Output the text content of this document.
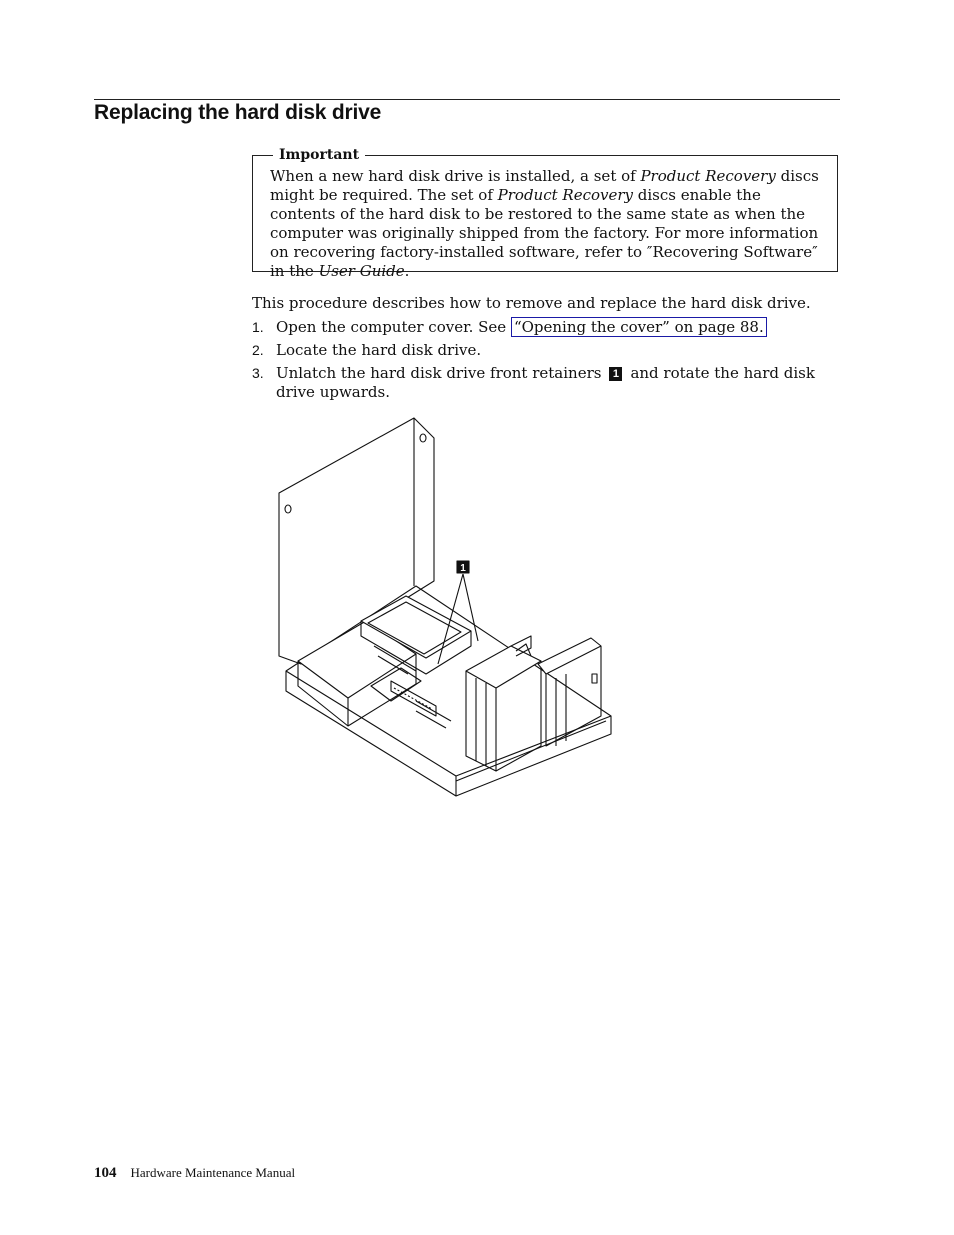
Replacing the hard disk drive
Important
When a new hard disk drive is installed, a set of Product Recovery discs might be required. The set of Product Recovery discs enable the contents of the hard disk to be restored to the same state as when the computer was originally shipped from the factory. For more information on recovering factory-installed software, refer to ″Recovering Software″ in the User Guide.

This procedure describes how to remove and replace the hard disk drive.

1. Open the computer cover. See “Opening the cover” on page 88.
2. Locate the hard disk drive.
3. Unlatch the hard disk drive front retainers 1 and rotate the hard disk drive upwards.
1
104 Hardware Maintenance Manual
